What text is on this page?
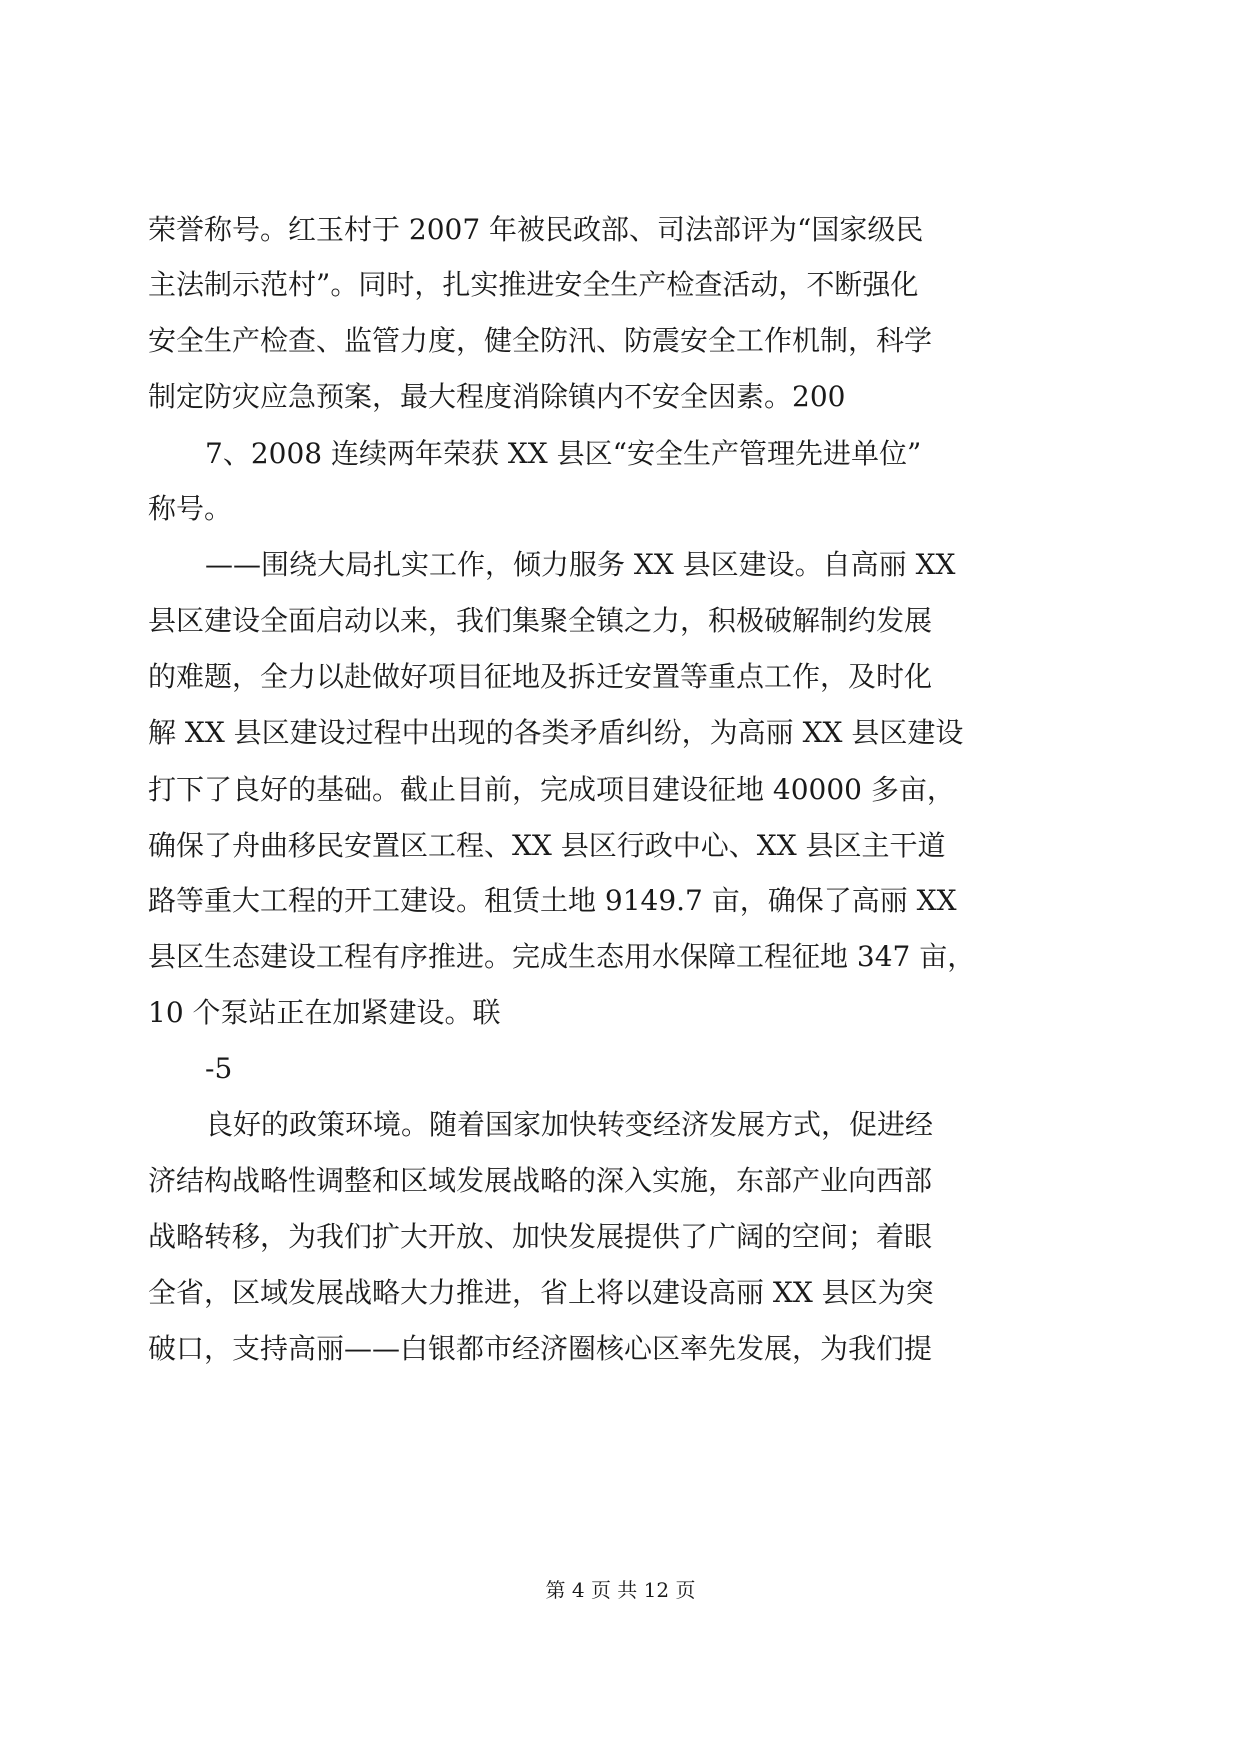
荣誉称号。红玉村于 2007 年被民政部、司法部评为“国家级民
主法制示范村”。同时，扎实推进安全生产检查活动，不断强化
安全生产检查、监管力度，健全防汛、防震安全工作机制，科学
制定防灾应急预案，最大程度消除镇内不安全因素。200
7、2008 连续两年荣获 XX 县区“安全生产管理先进单位”
称号。
——围绕大局扎实工作，倾力服务 XX 县区建设。自高丽 XX
县区建设全面启动以来，我们集聚全镇之力，积极破解制约发展
的难题，全力以赴做好项目征地及拆迁安置等重点工作，及时化
解 XX 县区建设过程中出现的各类矛盾纠纷，为高丽 XX 县区建设
打下了良好的基础。截止目前，完成项目建设征地 40000 多亩，
确保了舟曲移民安置区工程、XX 县区行政中心、XX 县区主干道
路等重大工程的开工建设。租赁土地 9149.7 亩，确保了高丽 XX
县区生态建设工程有序推进。完成生态用水保障工程征地 347 亩，
10 个泵站正在加紧建设。联
-5
良好的政策环境。随着国家加快转变经济发展方式，促进经
济结构战略性调整和区域发展战略的深入实施，东部产业向西部
战略转移，为我们扩大开放、加快发展提供了广阔的空间；着眼
全省，区域发展战略大力推进，省上将以建设高丽 XX 县区为突
破口，支持高丽——白银都市经济圈核心区率先发展，为我们提
第 4 页 共 12 页
